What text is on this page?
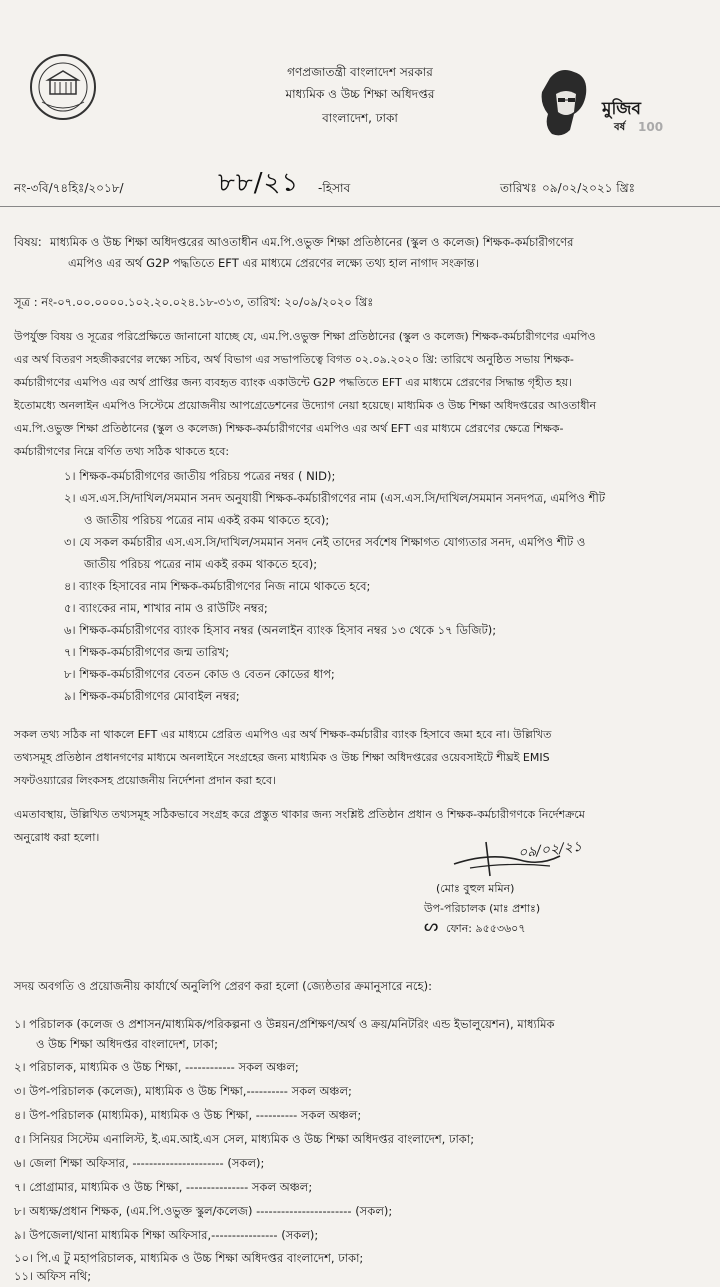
গণপ্রজাতন্ত্রী বাংলাদেশ সরকার
মাধ্যমিক ও উচ্চ শিক্ষা অধিদপ্তর
বাংলাদেশ, ঢাকা	মুজিব
বর্ষ 100
নং-৩বি/৭৪হিঃ/২০১৮/	৮৮/২১ -হিসাব	তারিখঃ ০৯/০২/২০২১ খ্রিঃ
বিষয়: মাধ্যমিক ও উচ্চ শিক্ষা অধিদপ্তরের আওতাধীন এম.পি.ওভুক্ত শিক্ষা প্রতিষ্ঠানের (স্কুল ও কলেজ) শিক্ষক-কর্মচারীগণের
এমপিও এর অর্থ G2P পদ্ধতিতে EFT এর মাধ্যমে প্রেরণের লক্ষ্যে তথ্য হাল নাগাদ সংক্রান্ত।
সূত্র : নং-০৭.০০.০০০০.১০২.২০.০২৪.১৮-৩১৩, তারিখ: ২০/০৯/২০২০ খ্রিঃ
উপর্যুক্ত বিষয় ও সূত্রের পরিপ্রেক্ষিতে জানানো যাচ্ছে যে, এম.পি.ওভুক্ত শিক্ষা প্রতিষ্ঠানের (স্কুল ও কলেজ) শিক্ষক-কর্মচারীগণের এমপিও
এর অর্থ বিতরণ সহজীকরণের লক্ষ্যে সচিব, অর্থ বিভাগ এর সভাপতিত্বে বিগত ০২.০৯.২০২০ খ্রি: তারিখে অনুষ্ঠিত সভায় শিক্ষক-
কর্মচারীগণের এমপিও এর অর্থ প্রাপ্তির জন্য ব্যবহৃত ব্যাংক একাউন্টে G2P পদ্ধতিতে EFT এর মাধ্যমে প্রেরণের সিদ্ধান্ত গৃহীত হয়।
ইতোমধ্যে অনলাইন এমপিও সিস্টেমে প্রয়োজনীয় আপগ্রেডেশনের উদ্যোগ নেয়া হয়েছে। মাধ্যমিক ও উচ্চ শিক্ষা অধিদপ্তরের আওতাধীন
এম.পি.ওভুক্ত শিক্ষা প্রতিষ্ঠানের (স্কুল ও কলেজ) শিক্ষক-কর্মচারীগণের এমপিও এর অর্থ EFT এর মাধ্যমে প্রেরণের ক্ষেত্রে শিক্ষক-
কর্মচারীগণের নিম্নে বর্ণিত তথ্য সঠিক থাকতে হবে:
১। শিক্ষক-কর্মচারীগণের জাতীয় পরিচয় পত্রের নম্বর ( NID);
২। এস.এস.সি/দাখিল/সমমান সনদ অনুযায়ী শিক্ষক-কর্মচারীগণের নাম (এস.এস.সি/দাখিল/সমমান সনদপত্র, এমপিও শীট
ও জাতীয় পরিচয় পত্রের নাম একই রকম থাকতে হবে);
৩। যে সকল কর্মচারীর এস.এস.সি/দাখিল/সমমান সনদ নেই তাদের সর্বশেষ শিক্ষাগত যোগ্যতার সনদ, এমপিও শীট ও
জাতীয় পরিচয় পত্রের নাম একই রকম থাকতে হবে);
৪। ব্যাংক হিসাবের নাম শিক্ষক-কর্মচারীগণের নিজ নামে থাকতে হবে;
৫। ব্যাংকের নাম, শাখার নাম ও রাউটিং নম্বর;
৬। শিক্ষক-কর্মচারীগণের ব্যাংক হিসাব নম্বর (অনলাইন ব্যাংক হিসাব নম্বর ১৩ থেকে ১৭ ডিজিট);
৭। শিক্ষক-কর্মচারীগণের জন্ম তারিখ;
৮। শিক্ষক-কর্মচারীগণের বেতন কোড ও বেতন কোডের ধাপ;
৯। শিক্ষক-কর্মচারীগণের মোবাইল নম্বর;
সকল তথ্য সঠিক না থাকলে EFT এর মাধ্যমে প্রেরিত এমপিও এর অর্থ শিক্ষক-কর্মচারীর ব্যাংক হিসাবে জমা হবে না। উল্লিখিত
তথ্যসমূহ প্রতিষ্ঠান প্রধানগণের মাধ্যমে অনলাইনে সংগ্রহের জন্য মাধ্যমিক ও উচ্চ শিক্ষা অধিদপ্তরের ওয়েবসাইটে শীঘ্রই EMIS
সফটওয়্যারের লিংকসহ প্রয়োজনীয় নির্দেশনা প্রদান করা হবে।
এমতাবস্থায়, উল্লিখিত তথ্যসমূহ সঠিকভাবে সংগ্রহ করে প্রস্তুত থাকার জন্য সংশ্লিষ্ট প্রতিষ্ঠান প্রধান ও শিক্ষক-কর্মচারীগণকে নির্দেশক্রমে
অনুরোধ করা হলো।
০৯/০২/২১
(মোঃ বুহুল মমিন)
উপ-পরিচালক (মাঃ প্রশাঃ)
ᔕ ফোন: ৯৫৫৩৬০৭
সদয় অবগতি ও প্রয়োজনীয় কার্যার্থে অনুলিপি প্রেরণ করা হলো (জ্যেষ্ঠতার ক্রমানুসারে নহে):
১। পরিচালক (কলেজ ও প্রশাসন/মাধ্যমিক/পরিকল্পনা ও উন্নয়ন/প্রশিক্ষণ/অর্থ ও ক্রয়/মনিটরিং এন্ড ইভালুয়েশন), মাধ্যমিক
ও উচ্চ শিক্ষা অধিদপ্তর বাংলাদেশ, ঢাকা;
২। পরিচালক, মাধ্যমিক ও উচ্চ শিক্ষা, ------------ সকল অঞ্চল;
৩। উপ-পরিচালক (কলেজ), মাধ্যমিক ও উচ্চ শিক্ষা,---------- সকল অঞ্চল;
৪। উপ-পরিচালক (মাধ্যমিক), মাধ্যমিক ও উচ্চ শিক্ষা, ---------- সকল অঞ্চল;
৫। সিনিয়র সিস্টেম এনালিস্ট, ই.এম.আই.এস সেল, মাধ্যমিক ও উচ্চ শিক্ষা অধিদপ্তর বাংলাদেশ, ঢাকা;
৬। জেলা শিক্ষা অফিসার, ---------------------- (সকল);
৭। প্রোগ্রামার, মাধ্যমিক ও উচ্চ শিক্ষা, --------------- সকল অঞ্চল;
৮। অধ্যক্ষ/প্রধান শিক্ষক, (এম.পি.ওভুক্ত স্কুল/কলেজ) ----------------------- (সকল);
৯। উপজেলা/থানা মাধ্যমিক শিক্ষা অফিসার,---------------- (সকল);
১০। পি.এ টু মহাপরিচালক, মাধ্যমিক ও উচ্চ শিক্ষা অধিদপ্তর বাংলাদেশ, ঢাকা;
১১। অফিস নথি;
